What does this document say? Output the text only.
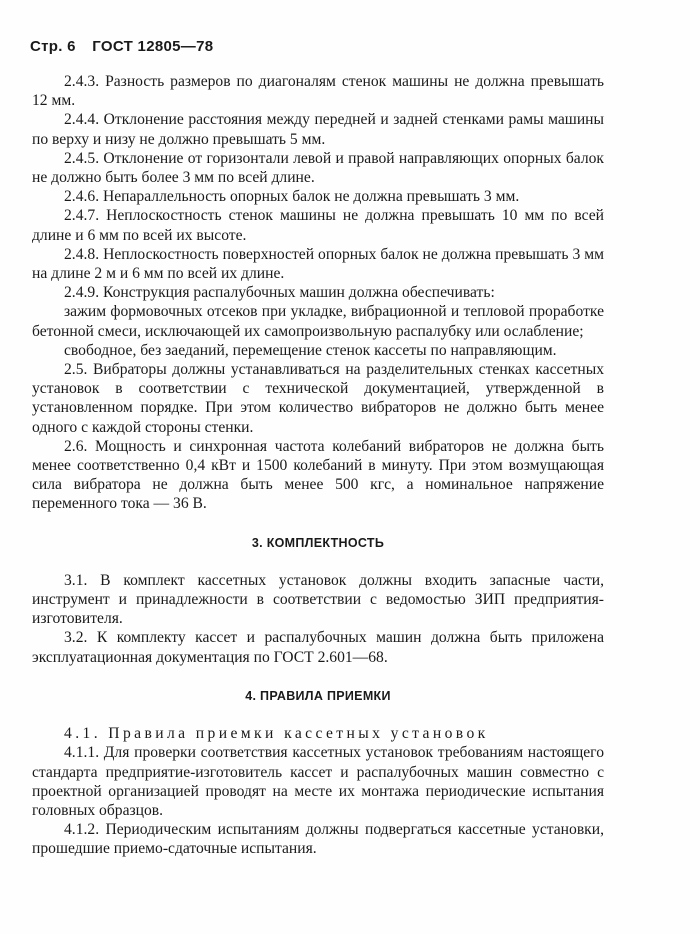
Стр. 6 ГОСТ 12805—78

2.4.3. Разность размеров по диагоналям стенок машины не должна превышать 12 мм.

2.4.4. Отклонение расстояния между передней и задней стенками рамы машины по верху и низу не должно превышать 5 мм.

2.4.5. Отклонение от горизонтали левой и правой направляющих опорных балок не должно быть более 3 мм по всей длине.

2.4.6. Непараллельность опорных балок не должна превышать 3 мм.

2.4.7. Неплоскостность стенок машины не должна превышать 10 мм по всей длине и 6 мм по всей их высоте.

2.4.8. Неплоскостность поверхностей опорных балок не должна превышать 3 мм на длине 2 м и 6 мм по всей их длине.

2.4.9. Конструкция распалубочных машин должна обеспечивать:

зажим формовочных отсеков при укладке, вибрационной и тепловой проработке бетонной смеси, исключающей их самопроизвольную распалубку или ослабление;

свободное, без заеданий, перемещение стенок кассеты по направляющим.

2.5. Вибраторы должны устанавливаться на разделительных стенках кассетных установок в соответствии с технической документацией, утвержденной в установленном порядке. При этом количество вибраторов не должно быть менее одного с каждой стороны стенки.

2.6. Мощность и синхронная частота колебаний вибраторов не должна быть менее соответственно 0,4 кВт и 1500 колебаний в минуту. При этом возмущающая сила вибратора не должна быть менее 500 кгс, а номинальное напряжение переменного тока — 36 В.

3. КОМПЛЕКТНОСТЬ

3.1. В комплект кассетных установок должны входить запасные части, инструмент и принадлежности в соответствии с ведомостью ЗИП предприятия-изготовителя.

3.2. К комплекту кассет и распалубочных машин должна быть приложена эксплуатационная документация по ГОСТ 2.601—68.

4. ПРАВИЛА ПРИЕМКИ

4.1. Правила приемки кассетных установок

4.1.1. Для проверки соответствия кассетных установок требованиям настоящего стандарта предприятие-изготовитель кассет и распалубочных машин совместно с проектной организацией проводят на месте их монтажа периодические испытания головных образцов.

4.1.2. Периодическим испытаниям должны подвергаться кассетные установки, прошедшие приемо-сдаточные испытания.
